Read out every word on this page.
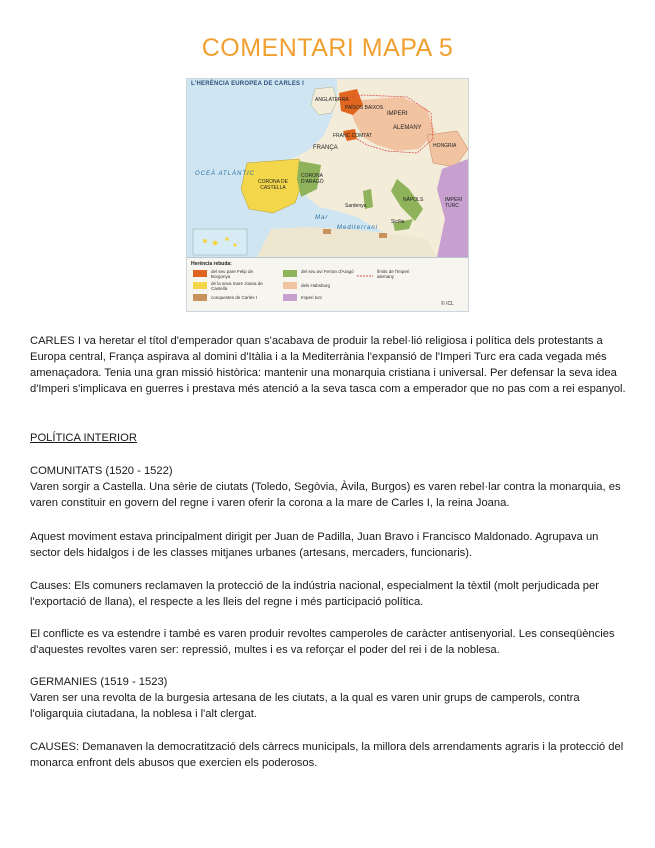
COMENTARI MAPA 5
L'HERÈNCIA EUROPEA DE CARLES I
ANGLATERRA
PAÏSOS BAIXOS
IMPERI
ALEMANY
FRANC COMTAT
FRANÇA	HONGRIA
IMPERI TURC
CORONA DE CASTELLA
CORONA D'ARAGÓ
OCEÀ ATLÀNTIC
Mar
Mediterrani
Sardenya
NÀPOLS
Sicília
Herència rebuda:
del seu pare Felip de Borgonya
de la seva mare Joana de Castella
conquestes de Carles I
del seu avi Ferran d'Aragó
dels Habsburg
Imperi turc
límits de l'Imperi alemany
© ICL

CARLES I va heretar el títol d'emperador quan s'acabava de produir la rebel·lió religiosa i política dels protestants a Europa central, França aspirava al domini d'Itàlia i a la Mediterrània l'expansió de l'Imperi Turc era cada vegada més amenaçadora. Tenia una gran missió històrica: mantenir una monarquia cristiana i universal. Per defensar la seva idea d'Imperi s'implicava en guerres i prestava més atenció a la seva tasca com a emperador que no pas com a rei espanyol.

POLÍTICA INTERIOR

COMUNITATS (1520 - 1522)

Varen sorgir a Castella. Una sèrie de ciutats (Toledo, Segòvia, Àvila, Burgos) es varen rebel·lar contra la monarquia, es varen constituir en govern del regne i varen oferir la corona a la mare de Carles I, la reina Joana.

Aquest moviment estava principalment dirigit per Juan de Padilla, Juan Bravo i Francisco Maldonado. Agrupava un sector dels hidalgos i de les classes mitjanes urbanes (artesans, mercaders, funcionaris).

Causes: Els comuners reclamaven la protecció de la indústria nacional, especialment la tèxtil (molt perjudicada per l'exportació de llana), el respecte a les lleis del regne i més participació política.

El conflicte es va estendre i també es varen produir revoltes camperoles de caràcter antisenyorial. Les conseqüències d'aquestes revoltes varen ser: repressió, multes i es va reforçar el poder del rei i de la noblesa.

GERMANIES (1519 - 1523)

Varen ser una revolta de la burgesia artesana de les ciutats, a la qual es varen unir grups de camperols, contra l'oligarquia ciutadana, la noblesa i l'alt clergat.

CAUSES: Demanaven la democratització dels càrrecs municipals, la millora dels arrendaments agraris i la protecció del monarca enfront dels abusos que exercien els poderosos.
